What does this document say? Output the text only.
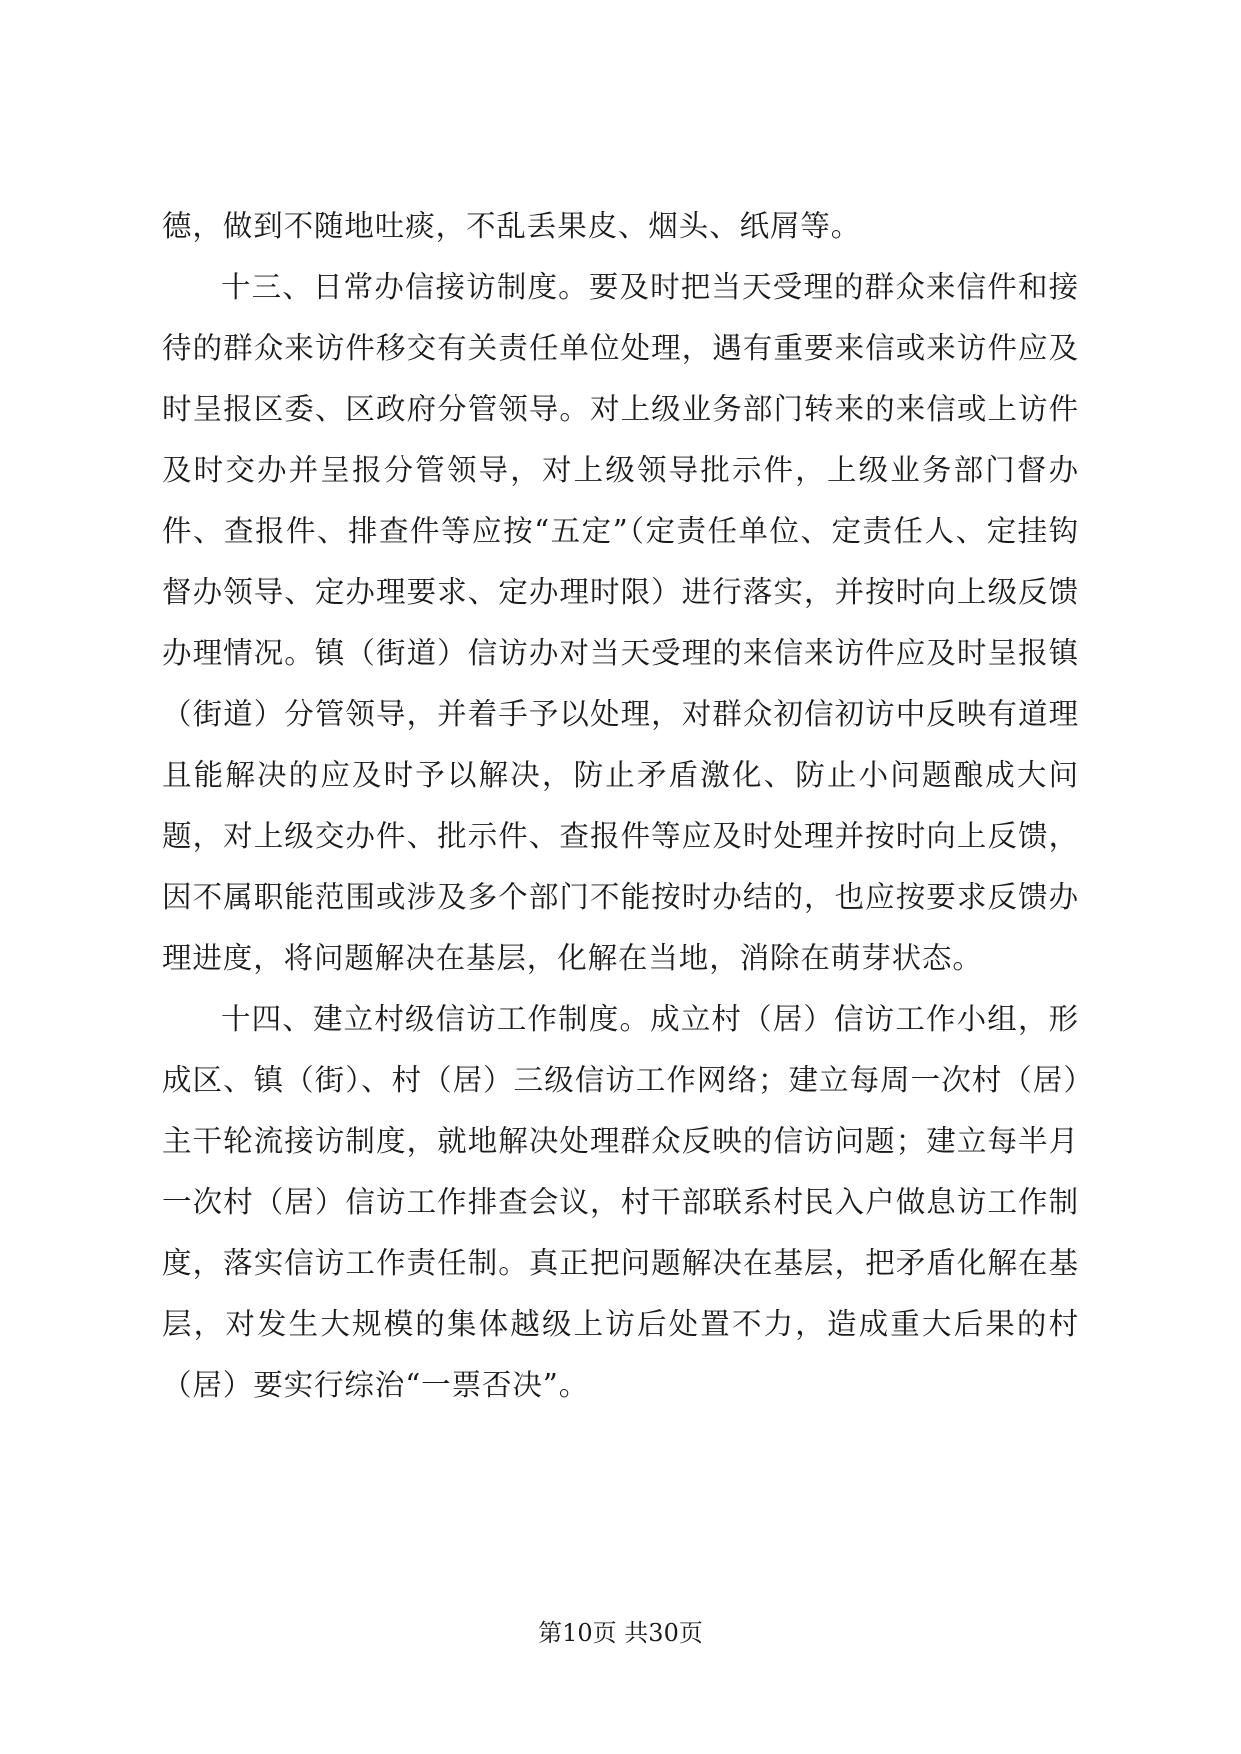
德，做到不随地吐痰，不乱丢果皮、烟头、纸屑等。

十三、日常办信接访制度。要及时把当天受理的群众来信件和接待的群众来访件移交有关责任单位处理，遇有重要来信或来访件应及时呈报区委、区政府分管领导。对上级业务部门转来的来信或上访件及时交办并呈报分管领导，对上级领导批示件，上级业务部门督办件、查报件、排查件等应按“五定”（定责任单位、定责任人、定挂钩督办领导、定办理要求、定办理时限）进行落实，并按时向上级反馈办理情况。镇（街道）信访办对当天受理的来信来访件应及时呈报镇（街道）分管领导，并着手予以处理，对群众初信初访中反映有道理且能解决的应及时予以解决，防止矛盾激化、防止小问题酿成大问题，对上级交办件、批示件、查报件等应及时处理并按时向上反馈，因不属职能范围或涉及多个部门不能按时办结的，也应按要求反馈办理进度，将问题解决在基层，化解在当地，消除在萌芽状态。

十四、建立村级信访工作制度。成立村（居）信访工作小组，形成区、镇（街）、村（居）三级信访工作网络；建立每周一次村（居）主干轮流接访制度，就地解决处理群众反映的信访问题；建立每半月一次村（居）信访工作排查会议，村干部联系村民入户做息访工作制度，落实信访工作责任制。真正把问题解决在基层，把矛盾化解在基层，对发生大规模的集体越级上访后处置不力，造成重大后果的村（居）要实行综治“一票否决”。

第10页 共30页
